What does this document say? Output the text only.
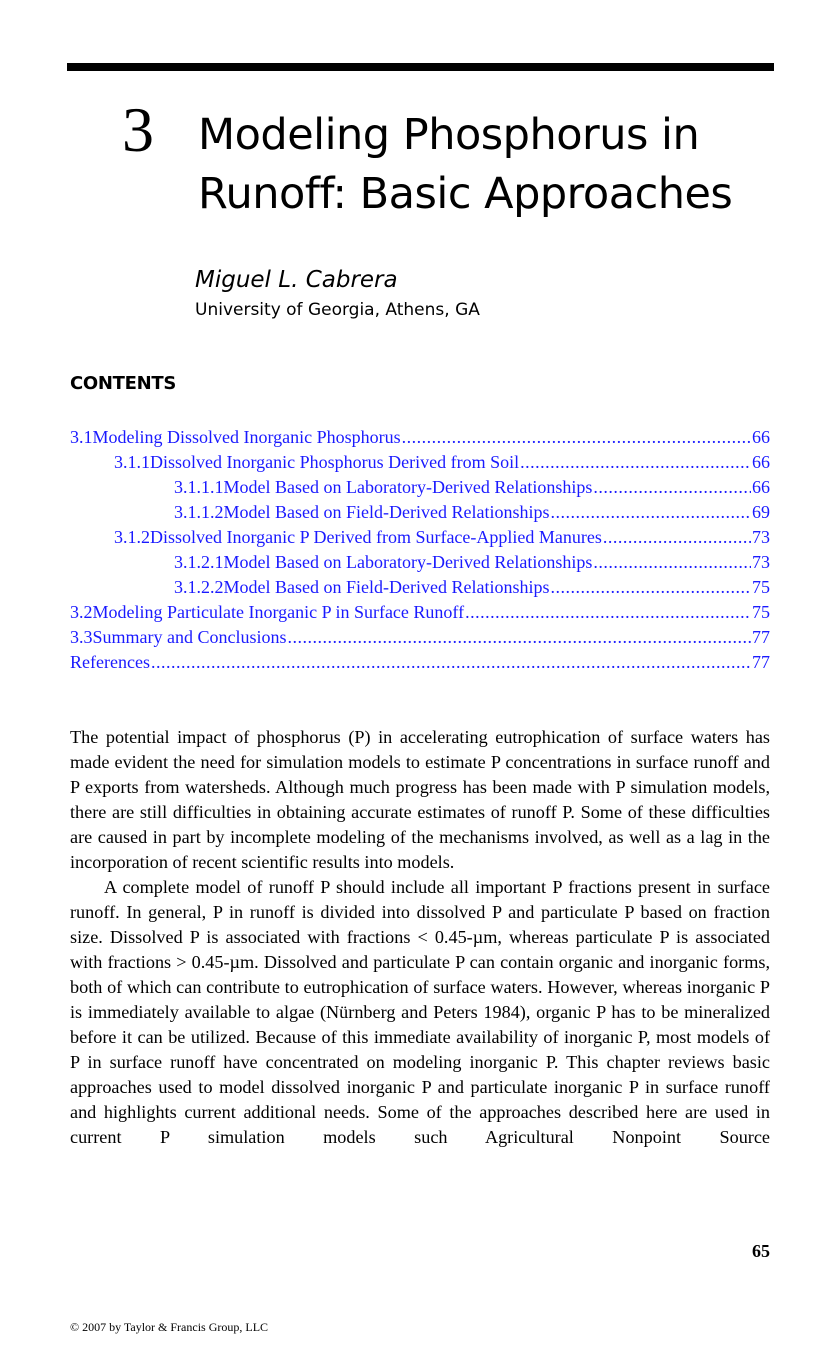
3 Modeling Phosphorus in
Runoff: Basic Approaches
Miguel L. Cabrera
University of Georgia, Athens, GA
CONTENTS
3.1 Modeling Dissolved Inorganic Phosphorus .....	66
3.1.1 Dissolved Inorganic Phosphorus Derived from Soil .....	66
3.1.1.1 Model Based on Laboratory-Derived Relationships .....	66
3.1.1.2 Model Based on Field-Derived Relationships .....	69
3.1.2 Dissolved Inorganic P Derived from Surface-Applied Manures .....	73
3.1.2.1 Model Based on Laboratory-Derived Relationships .....	73
3.1.2.2 Model Based on Field-Derived Relationships .....	75
3.2 Modeling Particulate Inorganic P in Surface Runoff .....	75
3.3 Summary and Conclusions .....	77
References .....	77

The potential impact of phosphorus (P) in accelerating eutrophication of surface waters has made evident the need for simulation models to estimate P concentrations in surface runoff and P exports from watersheds. Although much progress has been made with P simulation models, there are still difficulties in obtaining accurate estimates of runoff P. Some of these difficulties are caused in part by incomplete modeling of the mechanisms involved, as well as a lag in the incorporation of recent scientific results into models.

A complete model of runoff P should include all important P fractions present in surface runoff. In general, P in runoff is divided into dissolved P and particulate P based on fraction size. Dissolved P is associated with fractions < 0.45-µm, whereas particulate P is associated with fractions > 0.45-µm. Dissolved and particulate P can contain organic and inorganic forms, both of which can contribute to eutrophication of surface waters. However, whereas inorganic P is immediately available to algae (Nürnberg and Peters 1984), organic P has to be mineralized before it can be utilized. Because of this immediate availability of inorganic P, most models of P in surface runoff have concentrated on modeling inorganic P. This chapter reviews basic approaches used to model dissolved inorganic P and particulate inorganic P in surface runoff and highlights current additional needs. Some of the approaches described here are used in current P simulation models such Agricultural Nonpoint Source

65
© 2007 by Taylor & Francis Group, LLC
